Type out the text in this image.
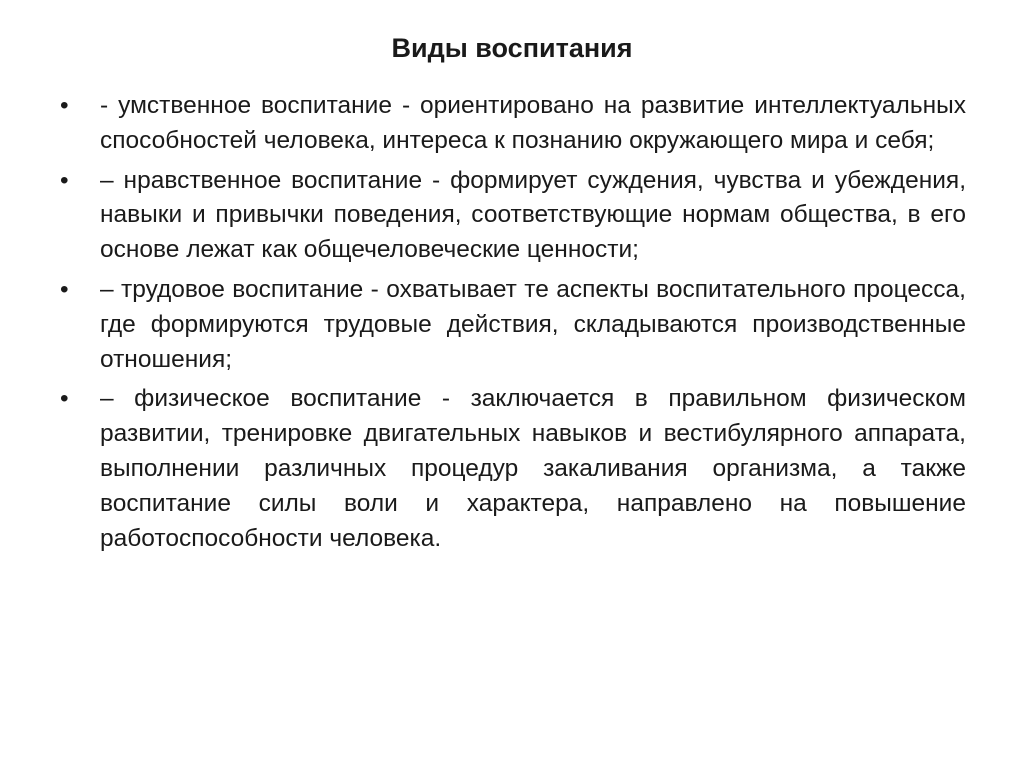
Виды воспитания
• - умственное воспитание - ориентировано на развитие интеллектуальных способностей человека, интереса к познанию окружающего мира и себя;
• – нравственное воспитание - формирует суждения, чувства и убеждения, навыки и привычки поведения, соответствующие нормам общества, в его основе лежат как общечеловеческие ценности;
• – трудовое воспитание - охватывает те аспекты воспитательного процесса, где формируются трудовые действия, складываются производственные отношения;
• – физическое воспитание - заключается в правильном физическом развитии, тренировке двигательных навыков и вестибулярного аппарата, выполнении различных процедур закаливания организма, а также воспитание силы воли и характера, направлено на повышение работоспособности человека.
